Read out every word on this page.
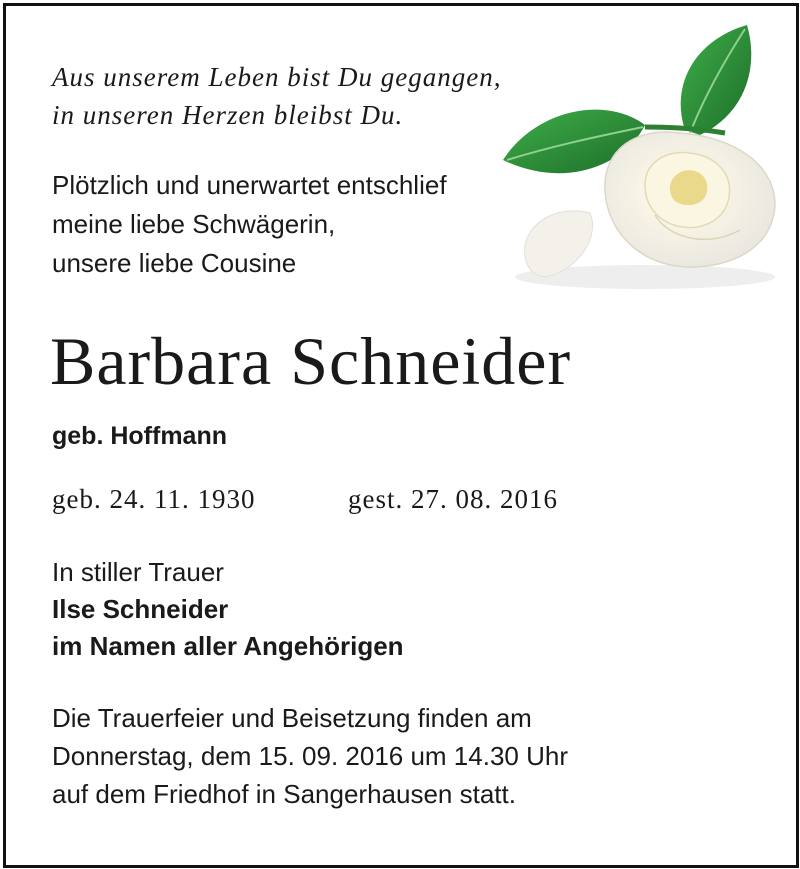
Aus unserem Leben bist Du gegangen,
in unseren Herzen bleibst Du.
Plötzlich und unerwartet entschlief
meine liebe Schwägerin,
unsere liebe Cousine
Barbara Schneider
geb. Hoffmann
geb. 24. 11. 1930	gest. 27. 08. 2016
In stiller Trauer
Ilse Schneider
im Namen aller Angehörigen
Die Trauerfeier und Beisetzung finden am
Donnerstag, dem 15. 09. 2016 um 14.30 Uhr
auf dem Friedhof in Sangerhausen statt.
